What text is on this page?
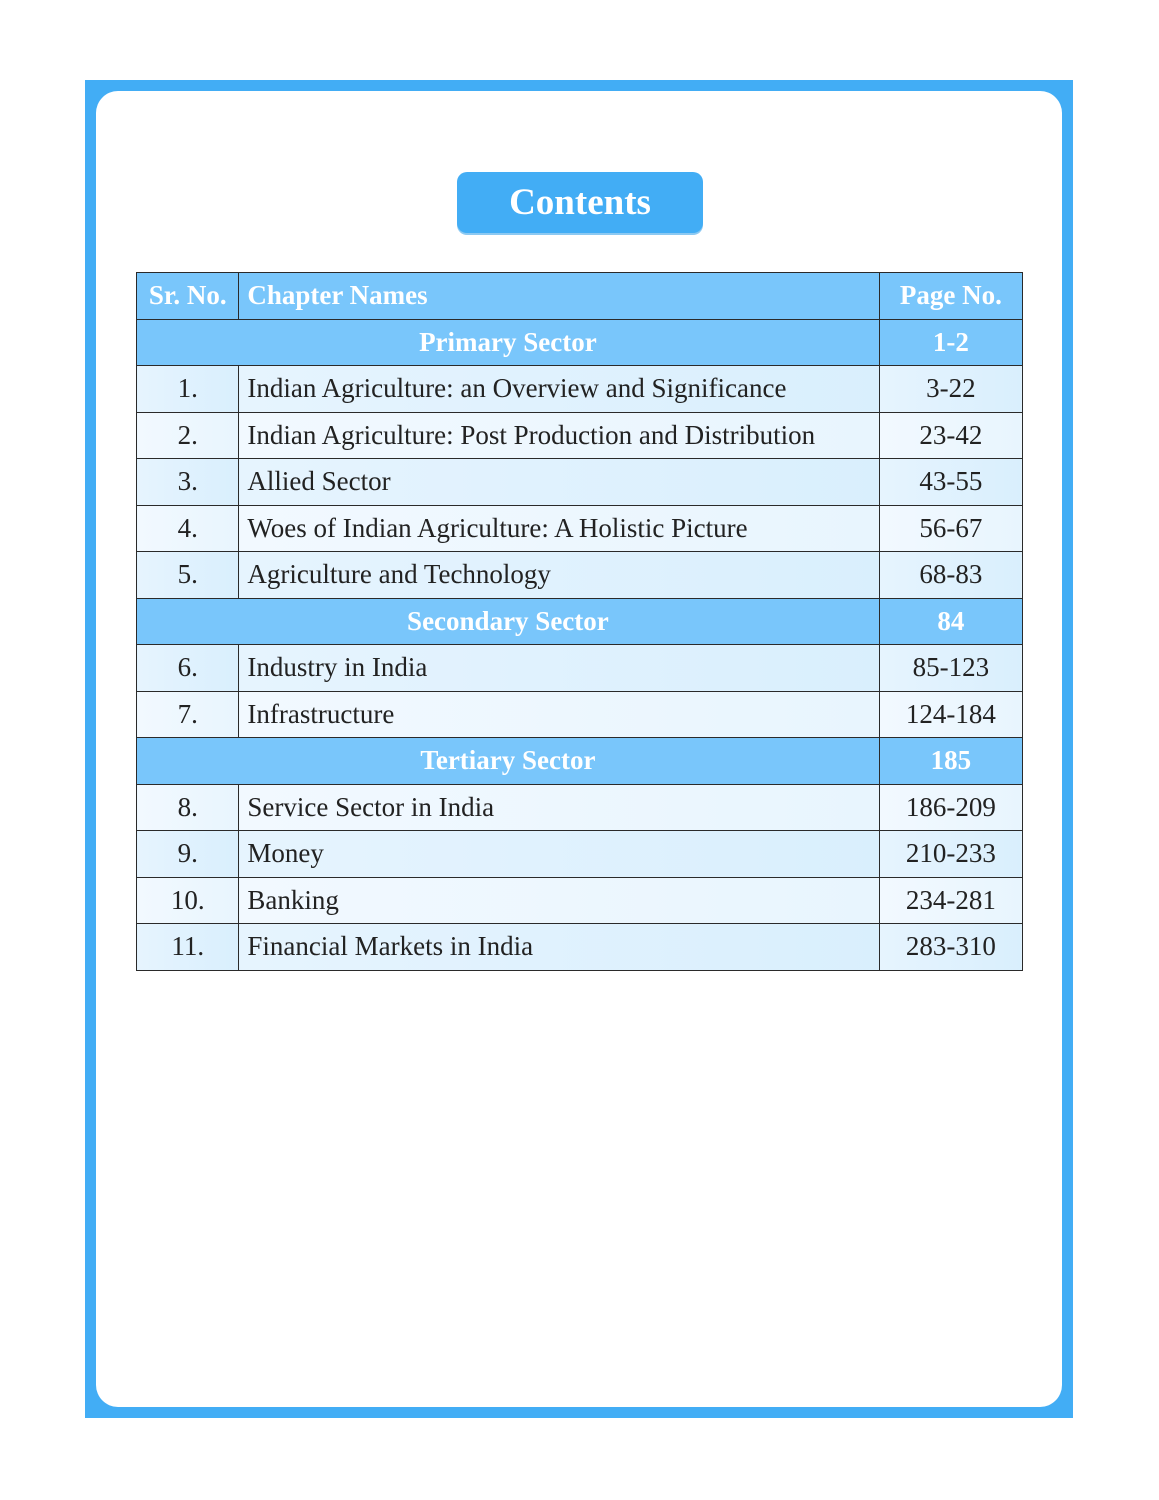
Contents
Sr. No.	Chapter Names	Page No.
Primary Sector		1-2
1.	Indian Agriculture: an Overview and Significance	3-22
2.	Indian Agriculture: Post Production and Distribution	23-42
3.	Allied Sector	43-55
4.	Woes of Indian Agriculture: A Holistic Picture	56-67
5.	Agriculture and Technology	68-83
Secondary Sector		84
6.	Industry in India	85-123
7.	Infrastructure	124-184
Tertiary Sector		185
8.	Service Sector in India	186-209
9.	Money	210-233
10.	Banking	234-281
11.	Financial Markets in India	283-310
